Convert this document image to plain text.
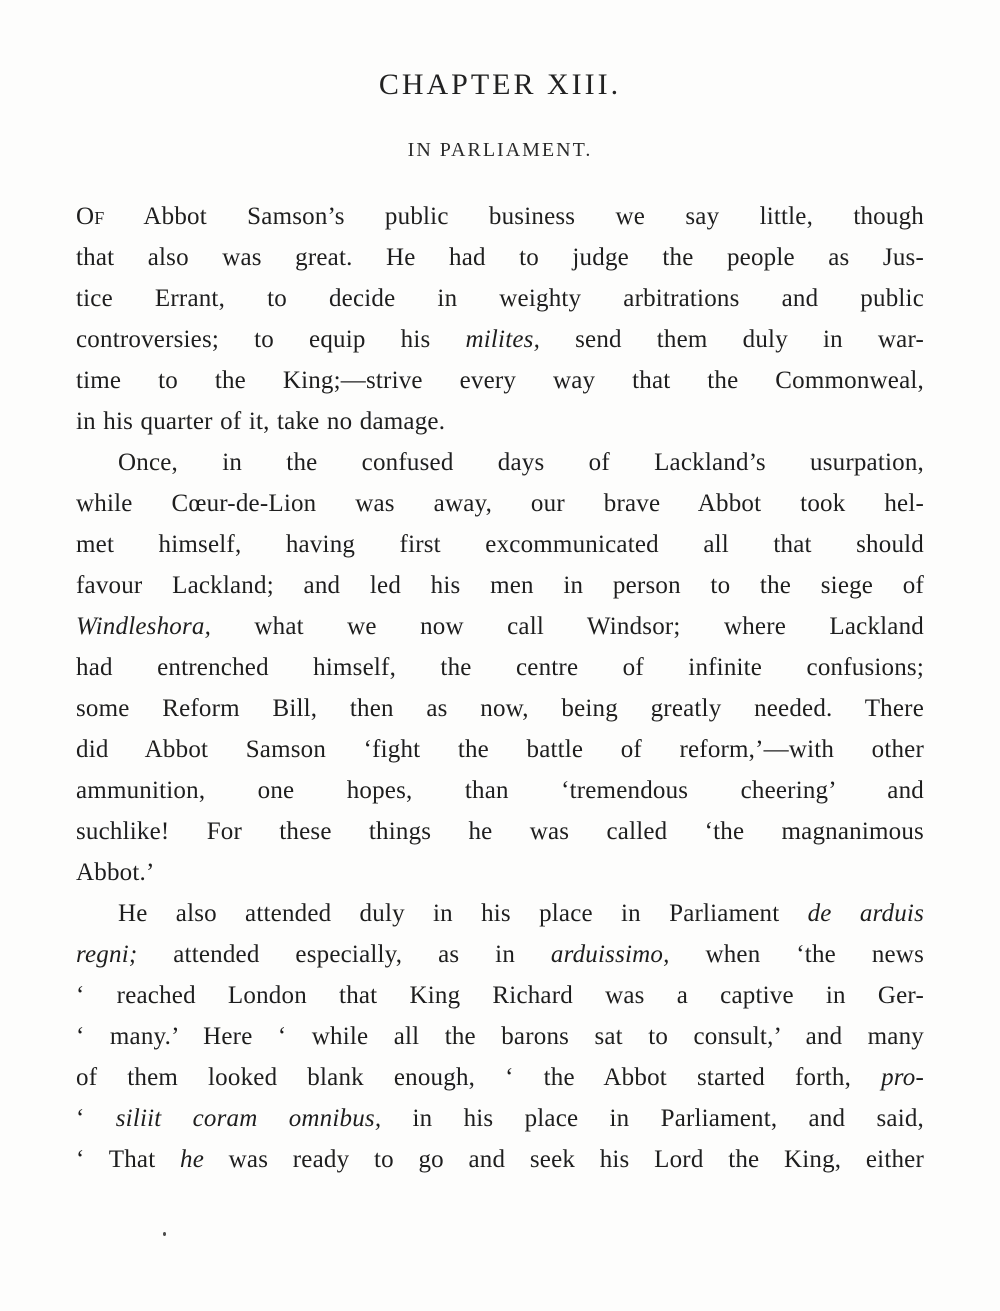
CHAPTER XIII.
IN PARLIAMENT.
Of Abbot Samson’s public business we say little, though
that also was great. He had to judge the people as Jus-
tice Errant, to decide in weighty arbitrations and public
controversies; to equip his milites, send them duly in war-
time to the King;—strive every way that the Commonweal,
in his quarter of it, take no damage.
Once, in the confused days of Lackland’s usurpation,
while Cœur-de-Lion was away, our brave Abbot took hel-
met himself, having first excommunicated all that should
favour Lackland; and led his men in person to the siege of
Windleshora, what we now call Windsor; where Lackland
had entrenched himself, the centre of infinite confusions;
some Reform Bill, then as now, being greatly needed. There
did Abbot Samson ‘fight the battle of reform,’—with other
ammunition, one hopes, than ‘tremendous cheering’ and
suchlike! For these things he was called ‘the magnanimous
Abbot.’
He also attended duly in his place in Parliament de arduis
regni; attended especially, as in arduissimo, when ‘the news
‘ reached London that King Richard was a captive in Ger-
‘ many.’ Here ‘ while all the barons sat to consult,’ and many
of them looked blank enough, ‘ the Abbot started forth, pro-
‘ siliit coram omnibus, in his place in Parliament, and said,
‘ That he was ready to go and seek his Lord the King, either
